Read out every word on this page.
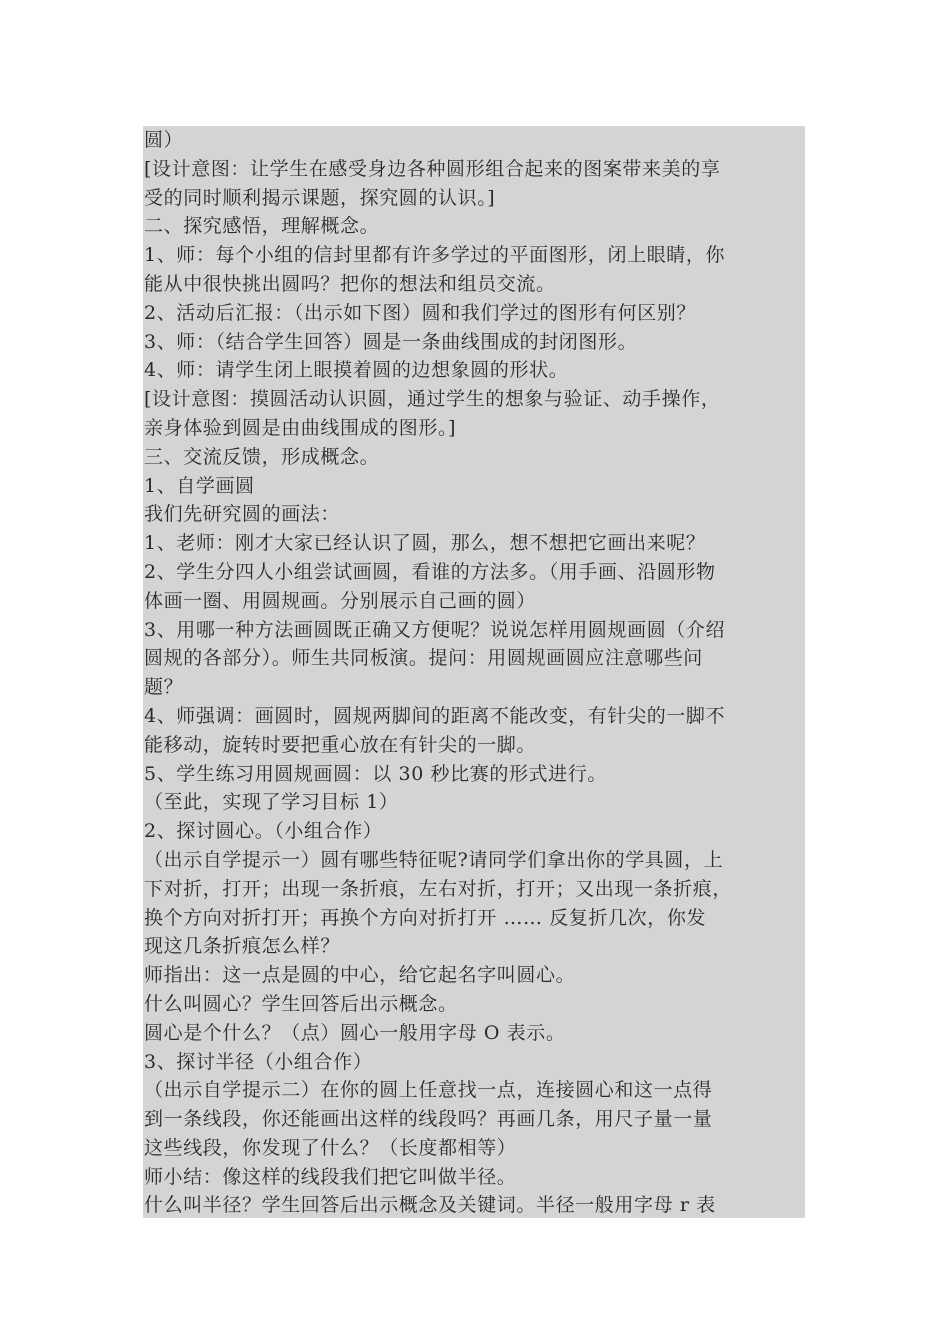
圆）
[设计意图：让学生在感受身边各种圆形组合起来的图案带来美的享
受的同时顺利揭示课题，探究圆的认识。]
二、探究感悟，理解概念。
1、师：每个小组的信封里都有许多学过的平面图形，闭上眼睛，你
能从中很快挑出圆吗？把你的想法和组员交流。
2、活动后汇报：（出示如下图）圆和我们学过的图形有何区别？
3、师：（结合学生回答）圆是一条曲线围成的封闭图形。
4、师：请学生闭上眼摸着圆的边想象圆的形状。
[设计意图：摸圆活动认识圆，通过学生的想象与验证、动手操作，
亲身体验到圆是由曲线围成的图形。]
三、交流反馈，形成概念。
1、自学画圆
我们先研究圆的画法：
1、老师：刚才大家已经认识了圆，那么，想不想把它画出来呢？
2、学生分四人小组尝试画圆，看谁的方法多。（用手画、沿圆形物
体画一圈、用圆规画。分别展示自己画的圆）
3、用哪一种方法画圆既正确又方便呢？说说怎样用圆规画圆（介绍
圆规的各部分）。师生共同板演。提问：用圆规画圆应注意哪些问
题？
4、师强调：画圆时，圆规两脚间的距离不能改变，有针尖的一脚不
能移动，旋转时要把重心放在有针尖的一脚。
5、学生练习用圆规画圆：以 30 秒比赛的形式进行。
（至此，实现了学习目标 1）
2、探讨圆心。（小组合作）
（出示自学提示一）圆有哪些特征呢?请同学们拿出你的学具圆，上
下对折，打开；出现一条折痕，左右对折，打开；又出现一条折痕，
换个方向对折打开；再换个方向对折打开 …… 反复折几次，你发
现这几条折痕怎么样？
师指出：这一点是圆的中心，给它起名字叫圆心。
什么叫圆心？学生回答后出示概念。
圆心是个什么？（点）圆心一般用字母 O 表示。
3、探讨半径（小组合作）
（出示自学提示二）在你的圆上任意找一点，连接圆心和这一点得
到一条线段，你还能画出这样的线段吗？再画几条，用尺子量一量
这些线段，你发现了什么？（长度都相等）
师小结：像这样的线段我们把它叫做半径。
什么叫半径？学生回答后出示概念及关键词。半径一般用字母 r 表
